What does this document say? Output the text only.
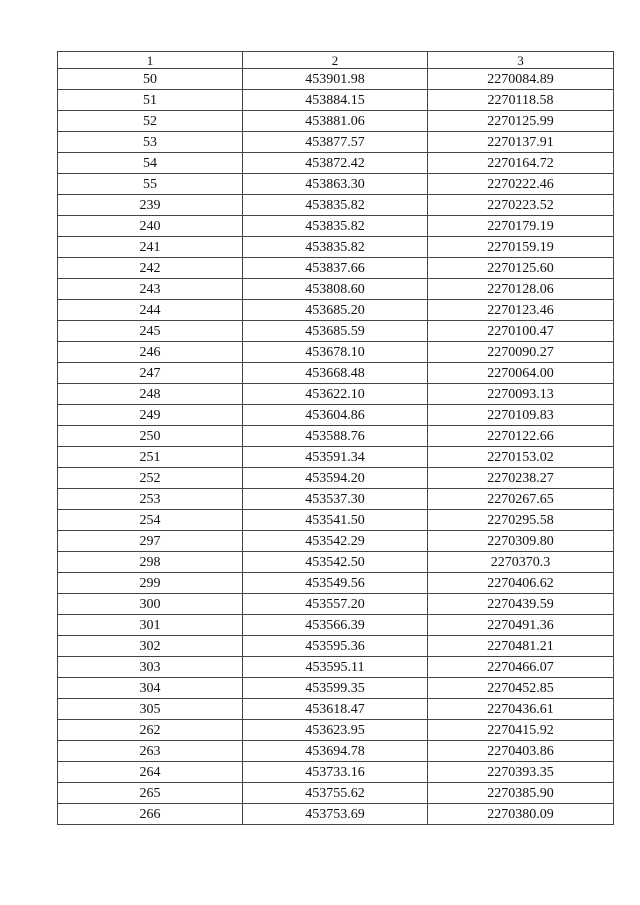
1	2	3
50	453901.98	2270084.89
51	453884.15	2270118.58
52	453881.06	2270125.99
53	453877.57	2270137.91
54	453872.42	2270164.72
55	453863.30	2270222.46
239	453835.82	2270223.52
240	453835.82	2270179.19
241	453835.82	2270159.19
242	453837.66	2270125.60
243	453808.60	2270128.06
244	453685.20	2270123.46
245	453685.59	2270100.47
246	453678.10	2270090.27
247	453668.48	2270064.00
248	453622.10	2270093.13
249	453604.86	2270109.83
250	453588.76	2270122.66
251	453591.34	2270153.02
252	453594.20	2270238.27
253	453537.30	2270267.65
254	453541.50	2270295.58
297	453542.29	2270309.80
298	453542.50	2270370.3
299	453549.56	2270406.62
300	453557.20	2270439.59
301	453566.39	2270491.36
302	453595.36	2270481.21
303	453595.11	2270466.07
304	453599.35	2270452.85
305	453618.47	2270436.61
262	453623.95	2270415.92
263	453694.78	2270403.86
264	453733.16	2270393.35
265	453755.62	2270385.90
266	453753.69	2270380.09
